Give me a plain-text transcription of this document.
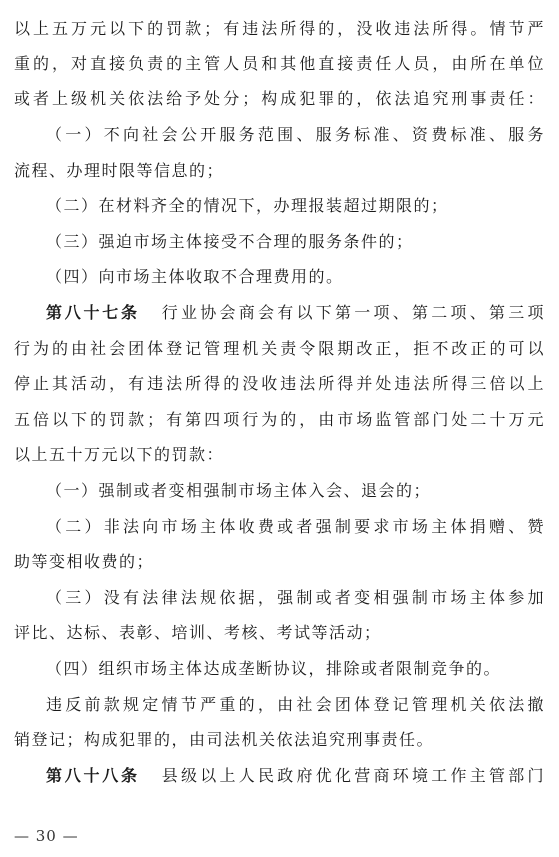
以上五万元以下的罚款；有违法所得的，没收违法所得。情节严
重的，对直接负责的主管人员和其他直接责任人员，由所在单位
或者上级机关依法给予处分；构成犯罪的，依法追究刑事责任：
（一）不向社会公开服务范围、服务标准、资费标准、服务
流程、办理时限等信息的；
（二）在材料齐全的情况下，办理报装超过期限的；
（三）强迫市场主体接受不合理的服务条件的；
（四）向市场主体收取不合理费用的。
第八十七条 行业协会商会有以下第一项、第二项、第三项
行为的由社会团体登记管理机关责令限期改正，拒不改正的可以
停止其活动，有违法所得的没收违法所得并处违法所得三倍以上
五倍以下的罚款；有第四项行为的，由市场监管部门处二十万元
以上五十万元以下的罚款：
（一）强制或者变相强制市场主体入会、退会的；
（二）非法向市场主体收费或者强制要求市场主体捐赠、赞
助等变相收费的；
（三）没有法律法规依据，强制或者变相强制市场主体参加
评比、达标、表彰、培训、考核、考试等活动；
（四）组织市场主体达成垄断协议，排除或者限制竞争的。
违反前款规定情节严重的，由社会团体登记管理机关依法撤
销登记；构成犯罪的，由司法机关依法追究刑事责任。
第八十八条 县级以上人民政府优化营商环境工作主管部门
— 30 —
